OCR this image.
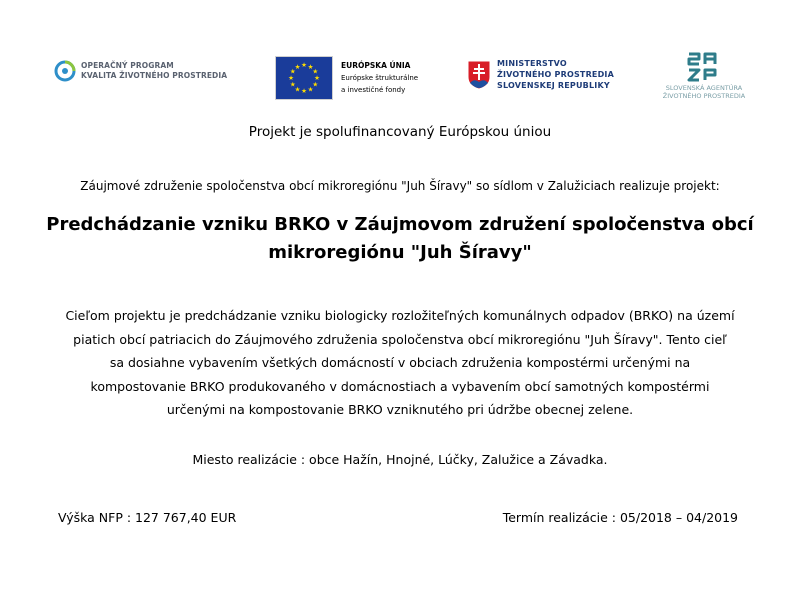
OPERAČNÝ PROGRAM
KVALITA ŽIVOTNÉHO PROSTREDIA	★
★
★
★
★
★
★
★
★ ★ ★
★
EURÓPSKA ÚNIA
Európske štrukturálne
a investičné fondy
MINISTERSTVO
ŽIVOTNÉHO PROSTREDIA
SLOVENSKEJ REPUBLIKY	SLOVENSKÁ AGENTÚRA
ŽIVOTNÉHO PROSTREDIA
Projekt je spolufinancovaný Európskou úniou
Záujmové združenie spoločenstva obcí mikroregiónu "Juh Šíravy" so sídlom v Zalužiciach realizuje projekt:
Predchádzanie vzniku BRKO v Záujmovom združení spoločenstva obcí
mikroregiónu "Juh Šíravy"
Cieľom projektu je predchádzanie vzniku biologicky rozložiteľných komunálnych odpadov (BRKO) na území
piatich obcí patriacich do Záujmového združenia spoločenstva obcí mikroregiónu "Juh Šíravy". Tento cieľ
sa dosiahne vybavením všetkých domácností v obciach združenia kompostérmi určenými na
kompostovanie BRKO produkovaného v domácnostiach a vybavením obcí samotných kompostérmi
určenými na kompostovanie BRKO vzniknutého pri údržbe obecnej zelene.
Miesto realizácie : obce Hažín, Hnojné, Lúčky, Zalužice a Závadka.
Výška NFP : 127 767,40 EUR	Termín realizácie : 05/2018 – 04/2019
